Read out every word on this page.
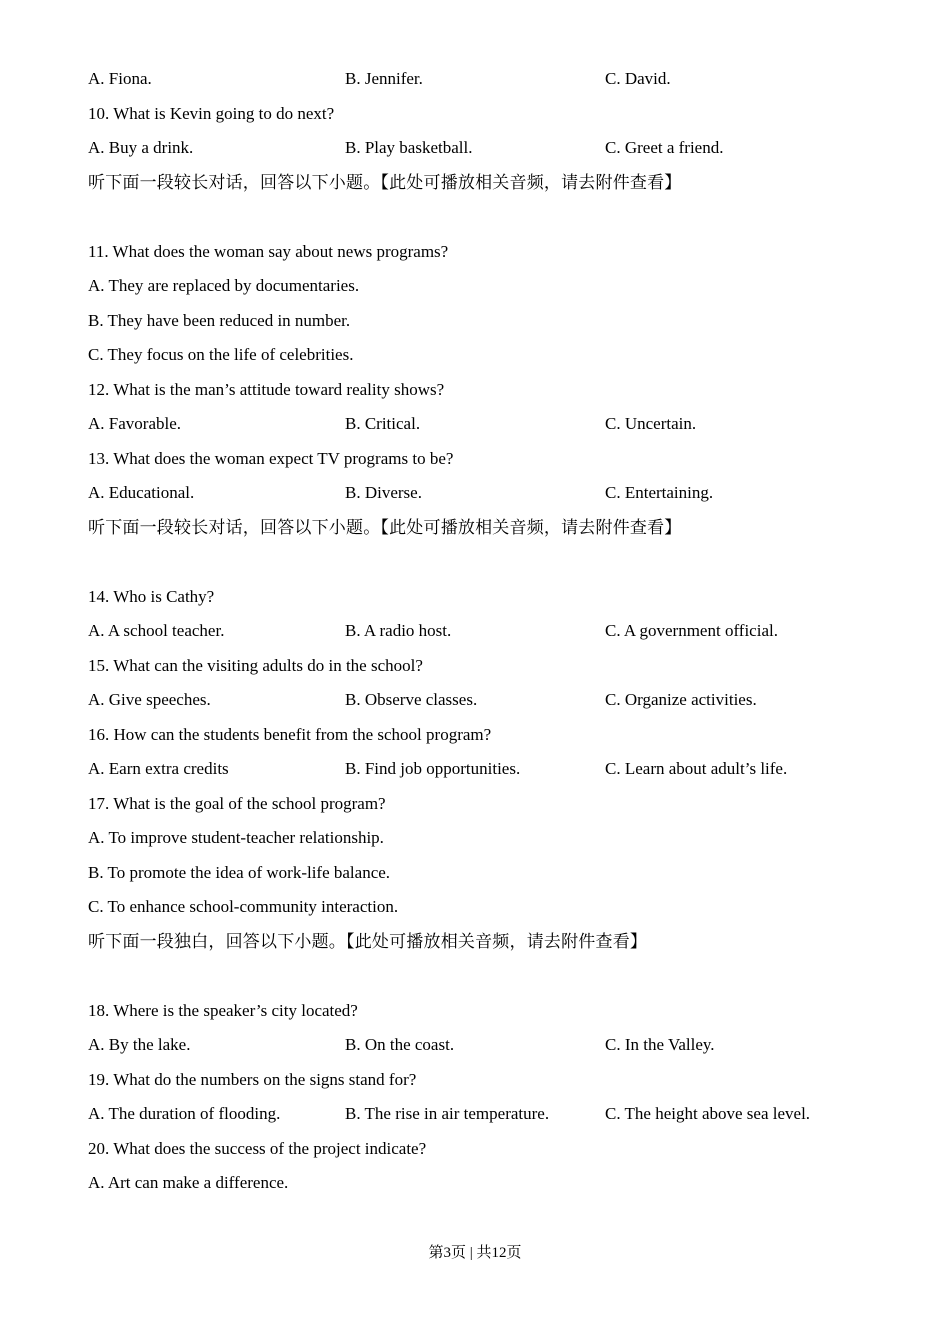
A. Fiona.	B. Jennifer.	C. David.
10. What is Kevin going to do next?
A. Buy a drink.	B. Play basketball.	C. Greet a friend.
听下面一段较长对话，回答以下小题。【此处可播放相关音频，请去附件查看】
11. What does the woman say about news programs?
A. They are replaced by documentaries.
B. They have been reduced in number.
C. They focus on the life of celebrities.
12. What is the man’s attitude toward reality shows?
A. Favorable.	B. Critical.	C. Uncertain.
13. What does the woman expect TV programs to be?
A. Educational.	B. Diverse.	C. Entertaining.
听下面一段较长对话，回答以下小题。【此处可播放相关音频，请去附件查看】
14. Who is Cathy?
A. A school teacher.	B. A radio host.	C. A government official.
15. What can the visiting adults do in the school?
A. Give speeches.	B. Observe classes.	C. Organize activities.
16. How can the students benefit from the school program?
A. Earn extra credits	B. Find job opportunities.	C. Learn about adult’s life.
17. What is the goal of the school program?
A. To improve student-teacher relationship.
B. To promote the idea of work-life balance.
C. To enhance school-community interaction.
听下面一段独白，回答以下小题。【此处可播放相关音频，请去附件查看】
18. Where is the speaker’s city located?
A. By the lake.	B. On the coast.	C. In the Valley.
19. What do the numbers on the signs stand for?
A. The duration of flooding.	B. The rise in air temperature.	C. The height above sea level.
20. What does the success of the project indicate?
A. Art can make a difference.
第3页 | 共12页
